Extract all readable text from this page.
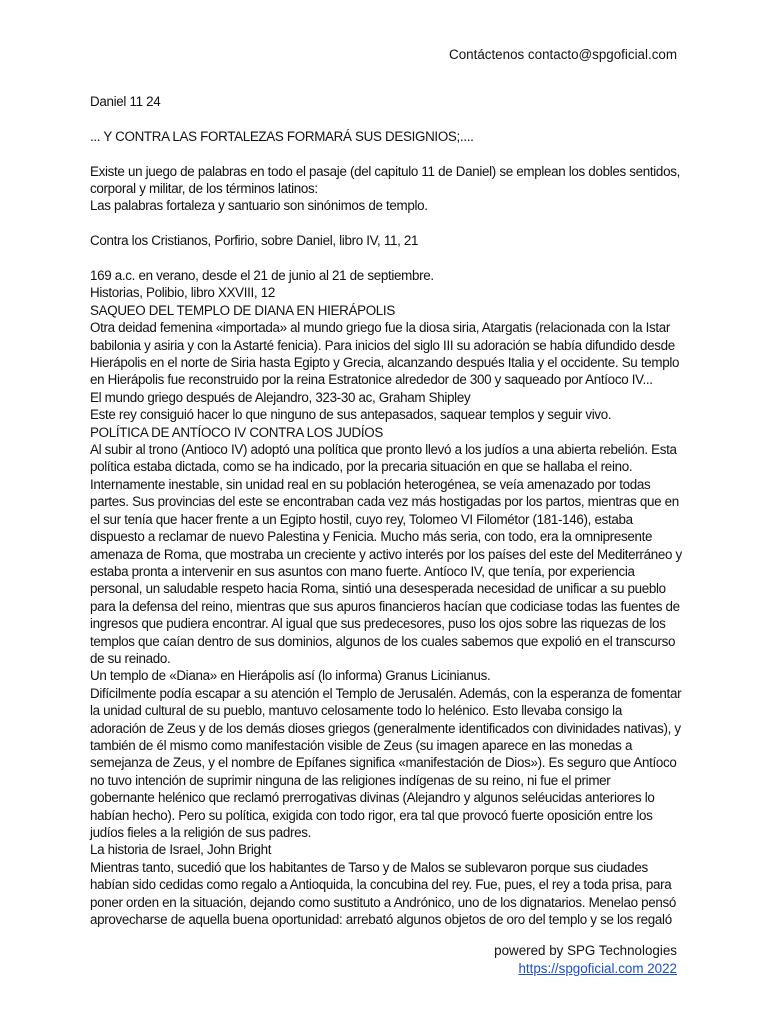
Contáctenos contacto@spgoficial.com

Daniel 11 24

... Y CONTRA LAS FORTALEZAS FORMARÁ SUS DESIGNIOS;....

Existe un juego de palabras en todo el pasaje (del capitulo 11 de Daniel) se emplean los dobles sentidos,

corporal y militar, de los términos latinos:

Las palabras fortaleza y santuario son sinónimos de templo.

Contra los Cristianos, Porfirio, sobre Daniel, libro IV, 11, 21

169 a.c. en verano, desde el 21 de junio al 21 de septiembre.

Historias, Polibio, libro XXVIII, 12

SAQUEO DEL TEMPLO DE DIANA EN HIERÁPOLIS

Otra deidad femenina «importada» al mundo griego fue la diosa siria, Atargatis (relacionada con la Istar

babilonia y asiria y con la Astarté fenicia). Para inicios del siglo III su adoración se había difundido desde

Hierápolis en el norte de Siria hasta Egipto y Grecia, alcanzando después Italia y el occidente. Su templo

en Hierápolis fue reconstruido por la reina Estratonice alrededor de 300 y saqueado por Antíoco IV...

El mundo griego después de Alejandro, 323-30 ac, Graham Shipley

Este rey consiguió hacer lo que ninguno de sus antepasados, saquear templos y seguir vivo.

POLÍTICA DE ANTÍOCO IV CONTRA LOS JUDÍOS

Al subir al trono (Antioco IV) adoptó una política que pronto llevó a los judíos a una abierta rebelión. Esta

política estaba dictada, como se ha indicado, por la precaria situación en que se hallaba el reino.

Internamente inestable, sin unidad real en su población heterogénea, se veía amenazado por todas

partes. Sus provincias del este se encontraban cada vez más hostigadas por los partos, mientras que en

el sur tenía que hacer frente a un Egipto hostil, cuyo rey, Tolomeo VI Filométor (181-146), estaba

dispuesto a reclamar de nuevo Palestina y Fenicia. Mucho más seria, con todo, era la omnipresente

amenaza de Roma, que mostraba un creciente y activo interés por los países del este del Mediterráneo y

estaba pronta a intervenir en sus asuntos con mano fuerte. Antíoco IV, que tenía, por experiencia

personal, un saludable respeto hacia Roma, sintió una desesperada necesidad de unificar a su pueblo

para la defensa del reino, mientras que sus apuros financieros hacían que codiciase todas las fuentes de

ingresos que pudiera encontrar. Al igual que sus predecesores, puso los ojos sobre las riquezas de los

templos que caían dentro de sus dominios, algunos de los cuales sabemos que expolió en el transcurso

de su reinado.

Un templo de «Diana» en Hierápolis así (lo informa) Granus Licinianus.

Difícilmente podía escapar a su atención el Templo de Jerusalén. Además, con la esperanza de fomentar

la unidad cultural de su pueblo, mantuvo celosamente todo lo helénico. Esto llevaba consigo la

adoración de Zeus y de los demás dioses griegos (generalmente identificados con divinidades nativas), y

también de él mismo como manifestación visible de Zeus (su imagen aparece en las monedas a

semejanza de Zeus, y el nombre de Epífanes significa «manifestación de Dios»). Es seguro que Antíoco

no tuvo intención de suprimir ninguna de las religiones indígenas de su reino, ni fue el primer

gobernante helénico que reclamó prerrogativas divinas (Alejandro y algunos seléucidas anteriores lo

habían hecho). Pero su política, exigida con todo rigor, era tal que provocó fuerte oposición entre los

judíos fieles a la religión de sus padres.

La historia de Israel, John Bright

Mientras tanto, sucedió que los habitantes de Tarso y de Malos se sublevaron porque sus ciudades

habían sido cedidas como regalo a Antioquida, la concubina del rey. Fue, pues, el rey a toda prisa, para

poner orden en la situación, dejando como sustituto a Andrónico, uno de los dignatarios. Menelao pensó

aprovecharse de aquella buena oportunidad: arrebató algunos objetos de oro del templo y se los regaló

powered by SPG Technologies
https://spgoficial.com 2022
